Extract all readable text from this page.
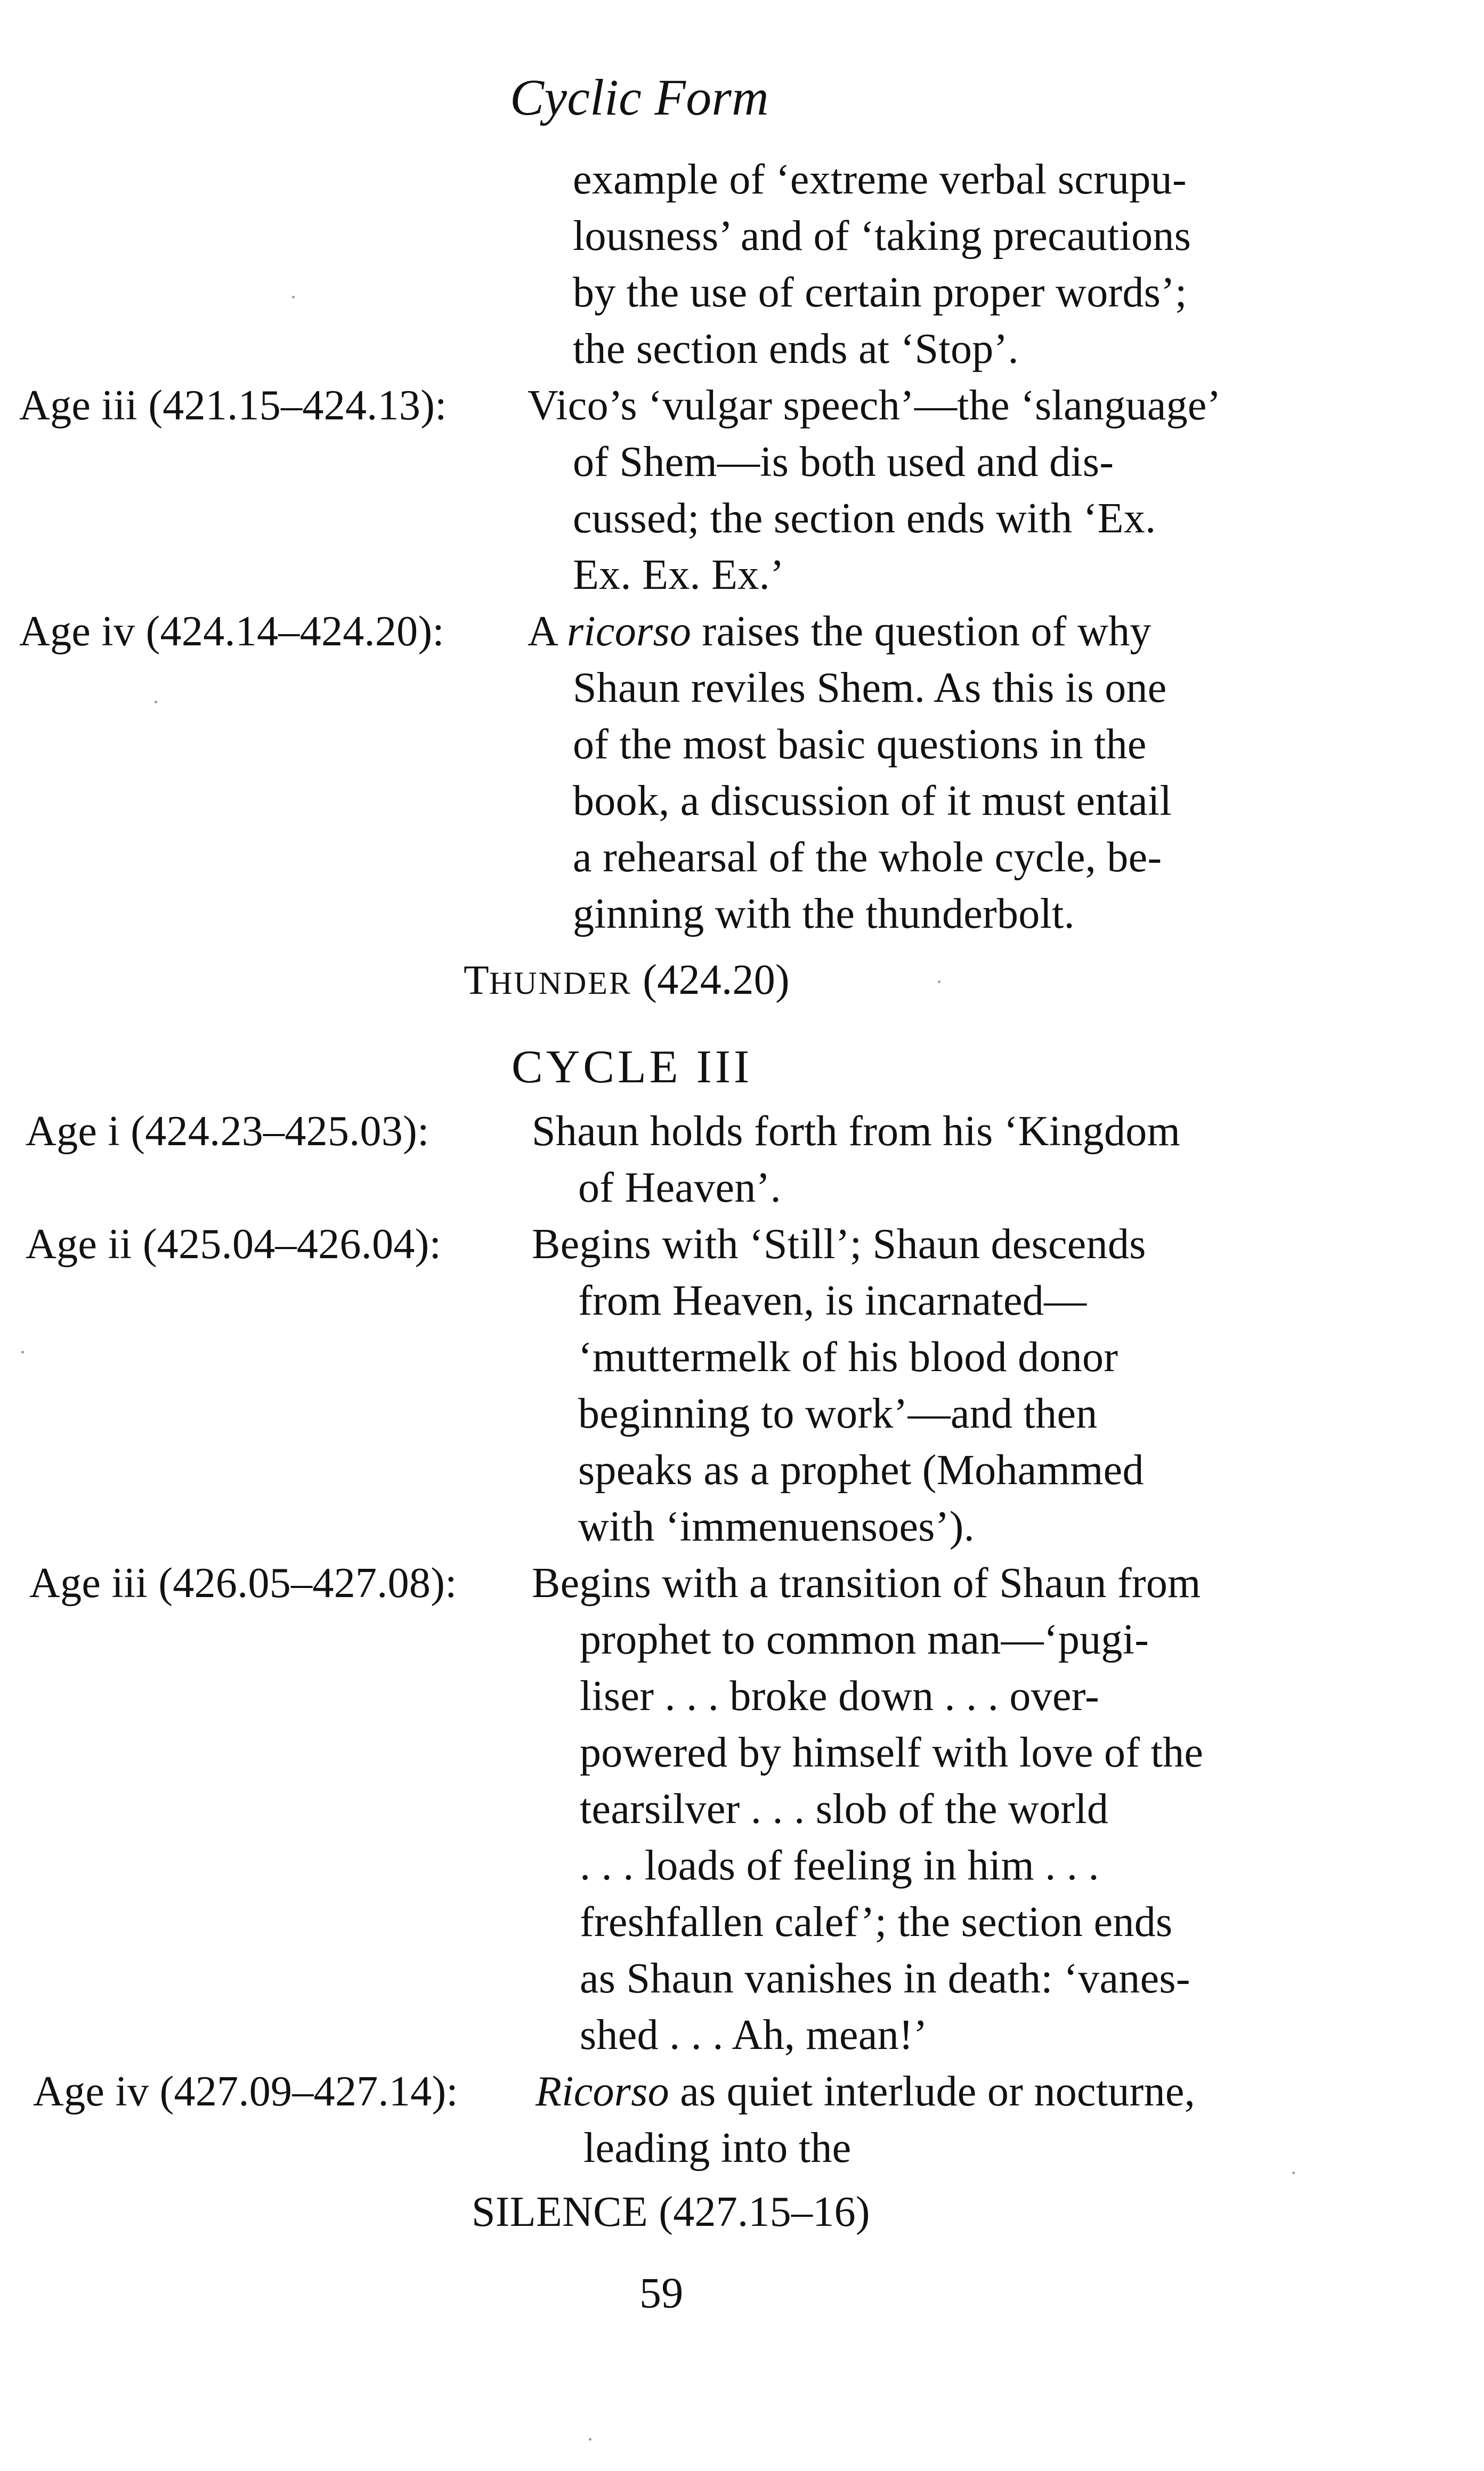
Cyclic Form
example of ‘extreme verbal scrupu-
lousness’ and of ‘taking precautions
by the use of certain proper words’;
the section ends at ‘Stop’.
Age iii (421.15–424.13): Vico’s ‘vulgar speech’—the ‘slanguage’
of Shem—is both used and dis-
cussed; the section ends with ‘Ex.
Ex. Ex. Ex.’
Age iv (424.14–424.20): A ricorso raises the question of why
Shaun reviles Shem. As this is one
of the most basic questions in the
book, a discussion of it must entail
a rehearsal of the whole cycle, be-
ginning with the thunderbolt.
THUNDER (424.20)
CYCLE III
Age i (424.23–425.03): Shaun holds forth from his ‘Kingdom
of Heaven’.
Age ii (425.04–426.04): Begins with ‘Still’; Shaun descends
from Heaven, is incarnated—
‘muttermelk of his blood donor
beginning to work’—and then
speaks as a prophet (Mohammed
with ‘immenuensoes’).
Age iii (426.05–427.08): Begins with a transition of Shaun from
prophet to common man—‘pugi-
liser . . . broke down . . . over-
powered by himself with love of the
tearsilver . . . slob of the world
. . . loads of feeling in him . . .
freshfallen calef’; the section ends
as Shaun vanishes in death: ‘vanes-
shed . . . Ah, mean!’
Age iv (427.09–427.14): Ricorso as quiet interlude or nocturne,
leading into the
SILENCE (427.15–16)
59
